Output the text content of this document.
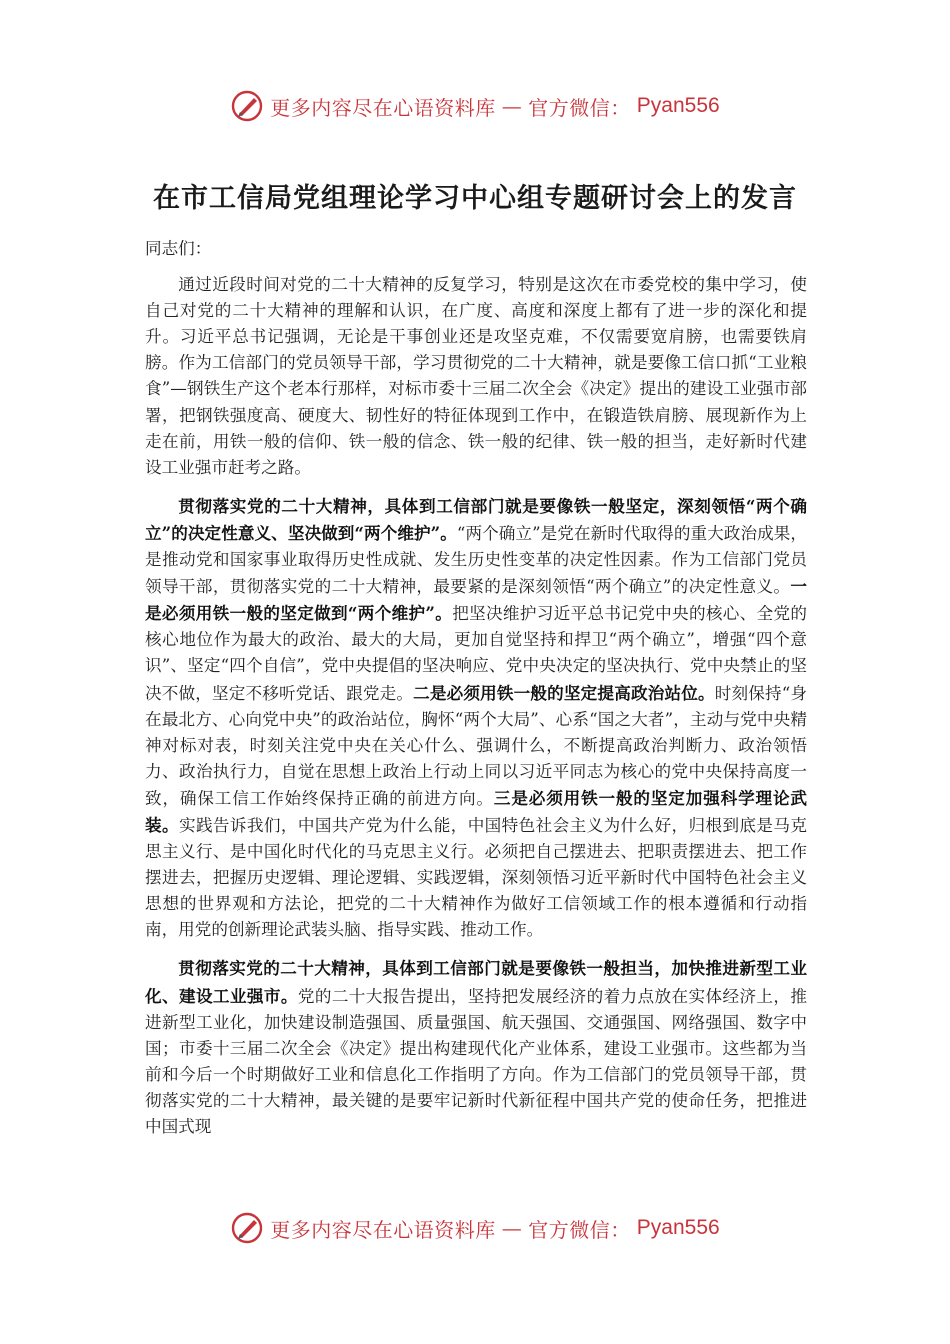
更多内容尽在心语资料库 — 官方微信： Pyan556
在市工信局党组理论学习中心组专题研讨会上的发言

同志们：

通过近段时间对党的二十大精神的反复学习，特别是这次在市委党校的集中学习，使自己对党的二十大精神的理解和认识，在广度、高度和深度上都有了进一步的深化和提升。习近平总书记强调，无论是干事创业还是攻坚克难，不仅需要宽肩膀，也需要铁肩膀。作为工信部门的党员领导干部，学习贯彻党的二十大精神，就是要像工信口抓“工业粮食”—钢铁生产这个老本行那样，对标市委十三届二次全会《决定》提出的建设工业强市部署，把钢铁强度高、硬度大、韧性好的特征体现到工作中，在锻造铁肩膀、展现新作为上走在前，用铁一般的信仰、铁一般的信念、铁一般的纪律、铁一般的担当，走好新时代建设工业强市赶考之路。

贯彻落实党的二十大精神，具体到工信部门就是要像铁一般坚定，深刻领悟“两个确立”的决定性意义、坚决做到“两个维护”。“两个确立”是党在新时代取得的重大政治成果，是推动党和国家事业取得历史性成就、发生历史性变革的决定性因素。作为工信部门党员领导干部，贯彻落实党的二十大精神，最要紧的是深刻领悟“两个确立”的决定性意义。一是必须用铁一般的坚定做到“两个维护”。把坚决维护习近平总书记党中央的核心、全党的核心地位作为最大的政治、最大的大局，更加自觉坚持和捍卫“两个确立”，增强“四个意识”、坚定“四个自信”，党中央提倡的坚决响应、党中央决定的坚决执行、党中央禁止的坚决不做，坚定不移听党话、跟党走。二是必须用铁一般的坚定提高政治站位。时刻保持“身在最北方、心向党中央”的政治站位，胸怀“两个大局”、心系“国之大者”，主动与党中央精神对标对表，时刻关注党中央在关心什么、强调什么，不断提高政治判断力、政治领悟力、政治执行力，自觉在思想上政治上行动上同以习近平同志为核心的党中央保持高度一致，确保工信工作始终保持正确的前进方向。三是必须用铁一般的坚定加强科学理论武装。实践告诉我们，中国共产党为什么能，中国特色社会主义为什么好，归根到底是马克思主义行、是中国化时代化的马克思主义行。必须把自己摆进去、把职责摆进去、把工作摆进去，把握历史逻辑、理论逻辑、实践逻辑，深刻领悟习近平新时代中国特色社会主义思想的世界观和方法论，把党的二十大精神作为做好工信领域工作的根本遵循和行动指南，用党的创新理论武装头脑、指导实践、推动工作。

贯彻落实党的二十大精神，具体到工信部门就是要像铁一般担当，加快推进新型工业化、建设工业强市。党的二十大报告提出，坚持把发展经济的着力点放在实体经济上，推进新型工业化，加快建设制造强国、质量强国、航天强国、交通强国、网络强国、数字中国；市委十三届二次全会《决定》提出构建现代化产业体系，建设工业强市。这些都为当前和今后一个时期做好工业和信息化工作指明了方向。作为工信部门的党员领导干部，贯彻落实党的二十大精神，最关键的是要牢记新时代新征程中国共产党的使命任务，把推进中国式现

更多内容尽在心语资料库 — 官方微信： Pyan556
